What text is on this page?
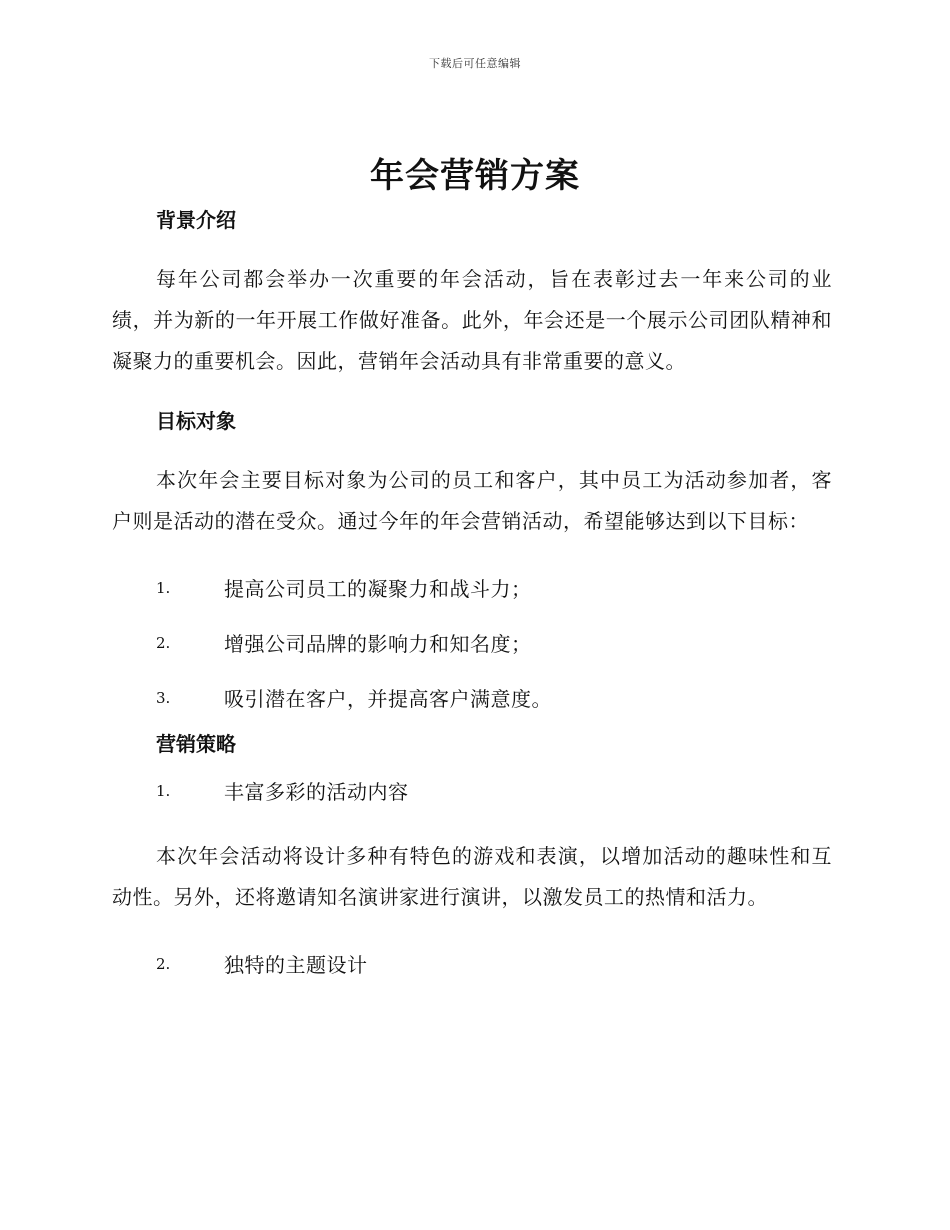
下载后可任意编辑
年会营销方案
背景介绍

每年公司都会举办一次重要的年会活动，旨在表彰过去一年来公司的业绩，并为新的一年开展工作做好准备。此外，年会还是一个展示公司团队精神和凝聚力的重要机会。因此，营销年会活动具有非常重要的意义。

目标对象

本次年会主要目标对象为公司的员工和客户，其中员工为活动参加者，客户则是活动的潜在受众。通过今年的年会营销活动，希望能够达到以下目标：

1.	提高公司员工的凝聚力和战斗力；
2.	增强公司品牌的影响力和知名度；
3.	吸引潜在客户，并提高客户满意度。
营销策略
1.	丰富多彩的活动内容

本次年会活动将设计多种有特色的游戏和表演，以增加活动的趣味性和互动性。另外，还将邀请知名演讲家进行演讲，以激发员工的热情和活力。

2.	独特的主题设计
